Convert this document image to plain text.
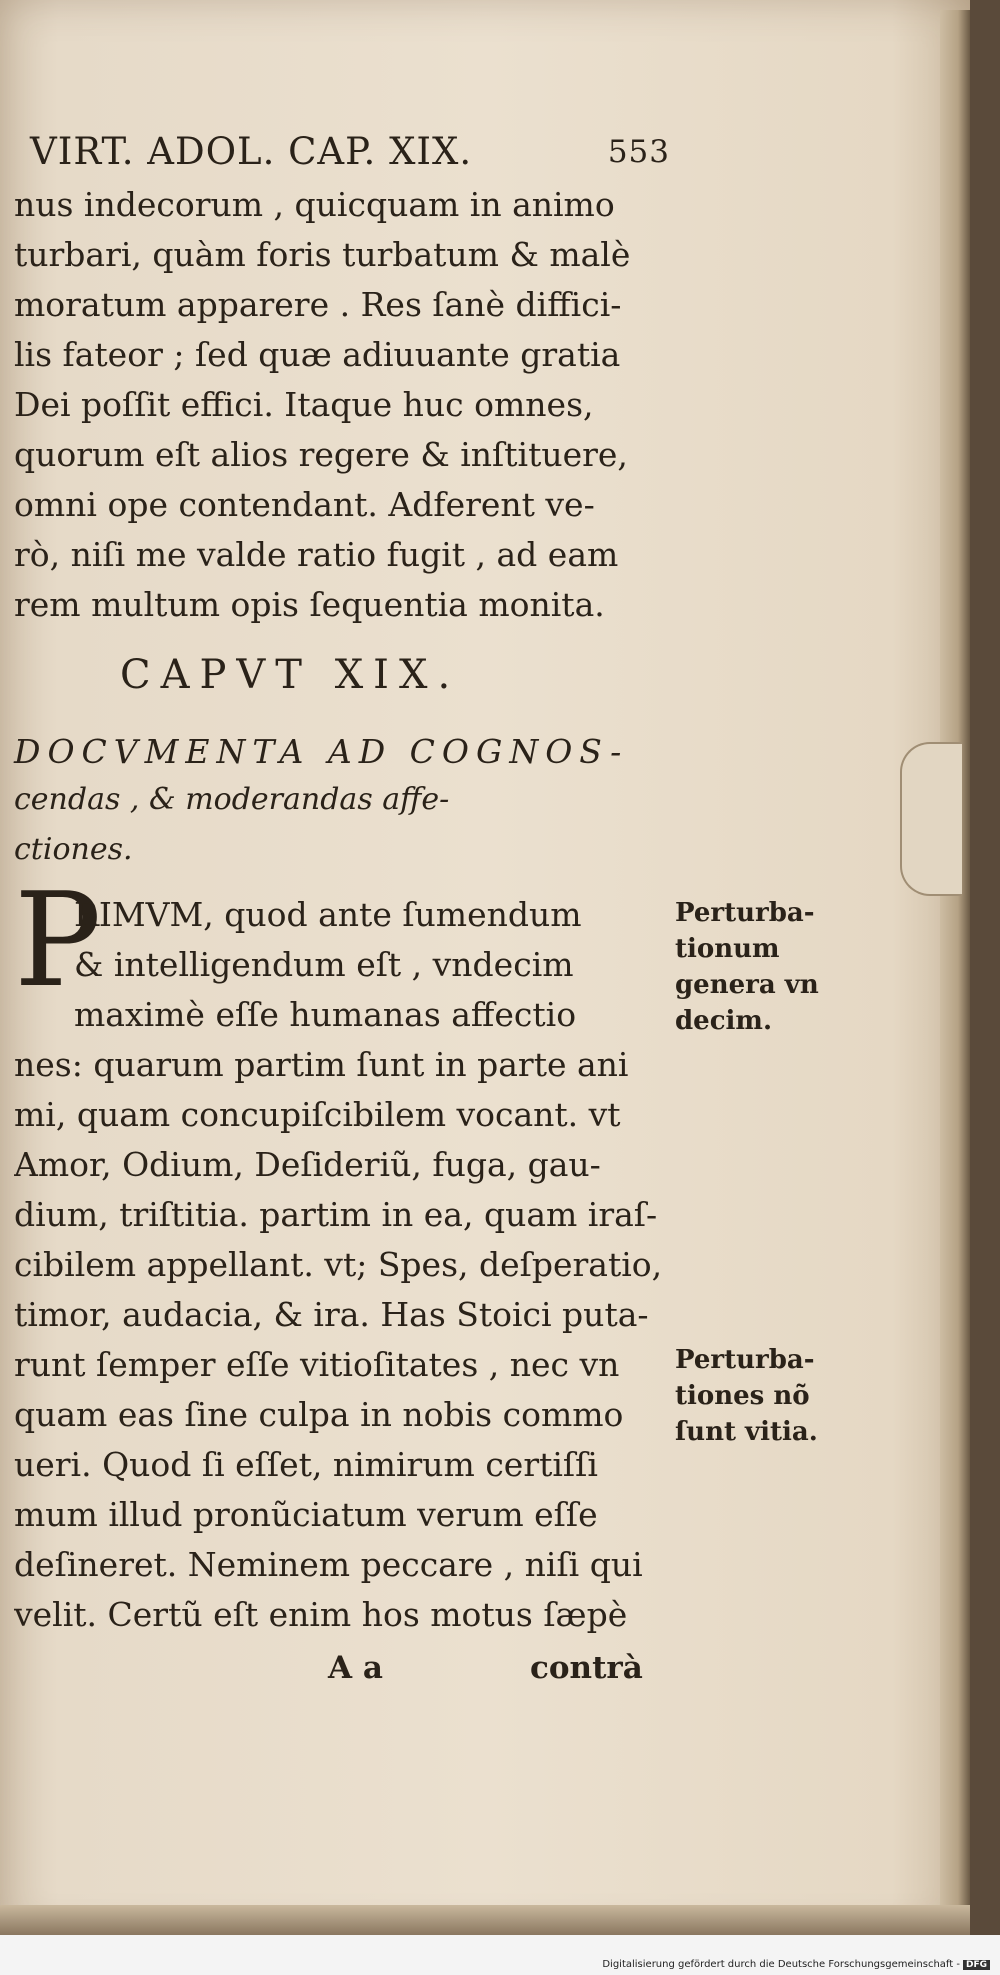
VIRT. ADOL. CAP. XIX.	553
nus indecorum , quicquam in animo
turbari, quàm foris turbatum & malè
moratum apparere . Res ſanè diffici-
lis fateor ; ſed quæ adiuuante gratia
Dei poſſit effici. Itaque huc omnes,
quorum eſt alios regere & inſtituere,
omni ope contendant. Adferent ve-
rò, niſi me valde ratio fugit , ad eam
rem multum opis ſequentia monita.
CAPVT XIX.
DOCVMENTA AD COGNOS-
cendas , & moderandas affe-
ctiones.
P
RIMVM, quod ante ſumendum
& intelligendum eſt , vndecim
maximè eſſe humanas affectio
nes: quarum partim ſunt in parte ani
mi, quam concupiſcibilem vocant. vt
Amor, Odium, Deſideriũ, fuga, gau-
dium, triſtitia. partim in ea, quam iraſ-
cibilem appellant. vt; Spes, deſperatio,
timor, audacia, & ira. Has Stoici puta-
runt ſemper eſſe vitioſitates , nec vn
quam eas ſine culpa in nobis commo
ueri. Quod ſi eſſet, nimirum certiſſi
mum illud pronũciatum verum eſſe
deſineret. Neminem peccare , niſi qui
velit. Certũ eſt enim hos motus ſæpè
Perturba-
tionum
genera vn
decim.
Perturba-
tiones nõ
ſunt vitia.
A a	contrà
Digitalisierung gefördert durch die Deutsche Forschungsgemeinschaft - DFG
